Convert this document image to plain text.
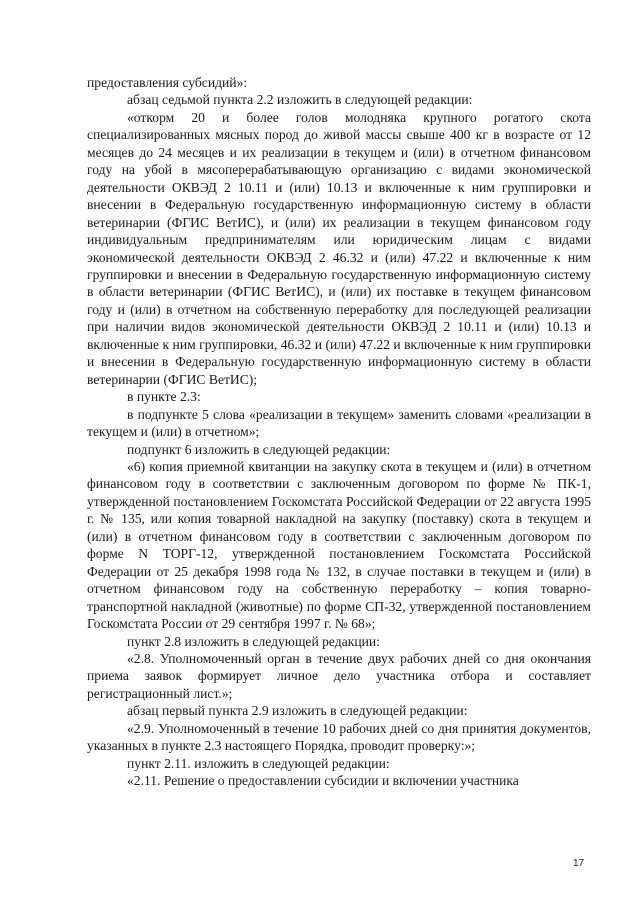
предоставления субсидий»:

абзац седьмой пункта 2.2 изложить в следующей редакции:

«откорм 20 и более голов молодняка крупного рогатого скота специализированных мясных пород до живой массы свыше 400 кг в возрасте от 12 месяцев до 24 месяцев и их реализации в текущем и (или) в отчетном финансовом году на убой в мясоперерабатывающую организацию с видами экономической деятельности ОКВЭД 2 10.11 и (или) 10.13 и включенные к ним группировки и внесении в Федеральную государственную информационную систему в области ветеринарии (ФГИС ВетИС), и (или) их реализации в текущем финансовом году индивидуальным предпринимателям или юридическим лицам с видами экономической деятельности ОКВЭД 2 46.32 и (или) 47.22 и включенные к ним группировки и внесении в Федеральную государственную информационную систему в области ветеринарии (ФГИС ВетИС), и (или) их поставке в текущем финансовом году и (или) в отчетном на собственную переработку для последующей реализации при наличии видов экономической деятельности ОКВЭД 2 10.11 и (или) 10.13 и включенные к ним группировки, 46.32 и (или) 47.22 и включенные к ним группировки и внесении в Федеральную государственную информационную систему в области ветеринарии (ФГИС ВетИС);

в пункте 2.3:

в подпункте 5 слова «реализации в текущем» заменить словами «реализации в текущем и (или) в отчетном»;

подпункт 6 изложить в следующей редакции:

«6) копия приемной квитанции на закупку скота в текущем и (или) в отчетном финансовом году в соответствии с заключенным договором по форме № ПК-1, утвержденной постановлением Госкомстата Российской Федерации от 22 августа 1995 г. № 135, или копия товарной накладной на закупку (поставку) скота в текущем и (или) в отчетном финансовом году в соответствии с заключенным договором по форме N ТОРГ-12, утвержденной постановлением Госкомстата Российской Федерации от 25 декабря 1998 года № 132, в случае поставки в текущем и (или) в отчетном финансовом году на собственную переработку – копия товарно-транспортной накладной (животные) по форме СП-32, утвержденной постановлением Госкомстата России от 29 сентября 1997 г. № 68»;

пункт 2.8 изложить в следующей редакции:

«2.8. Уполномоченный орган в течение двух рабочих дней со дня окончания приема заявок формирует личное дело участника отбора и составляет регистрационный лист.»;

абзац первый пункта 2.9 изложить в следующей редакции:

«2.9. Уполномоченный в течение 10 рабочих дней со дня принятия документов, указанных в пункте 2.3 настоящего Порядка, проводит проверку:»;

пункт 2.11. изложить в следующей редакции:

«2.11. Решение о предоставлении субсидии и включении участника

17
